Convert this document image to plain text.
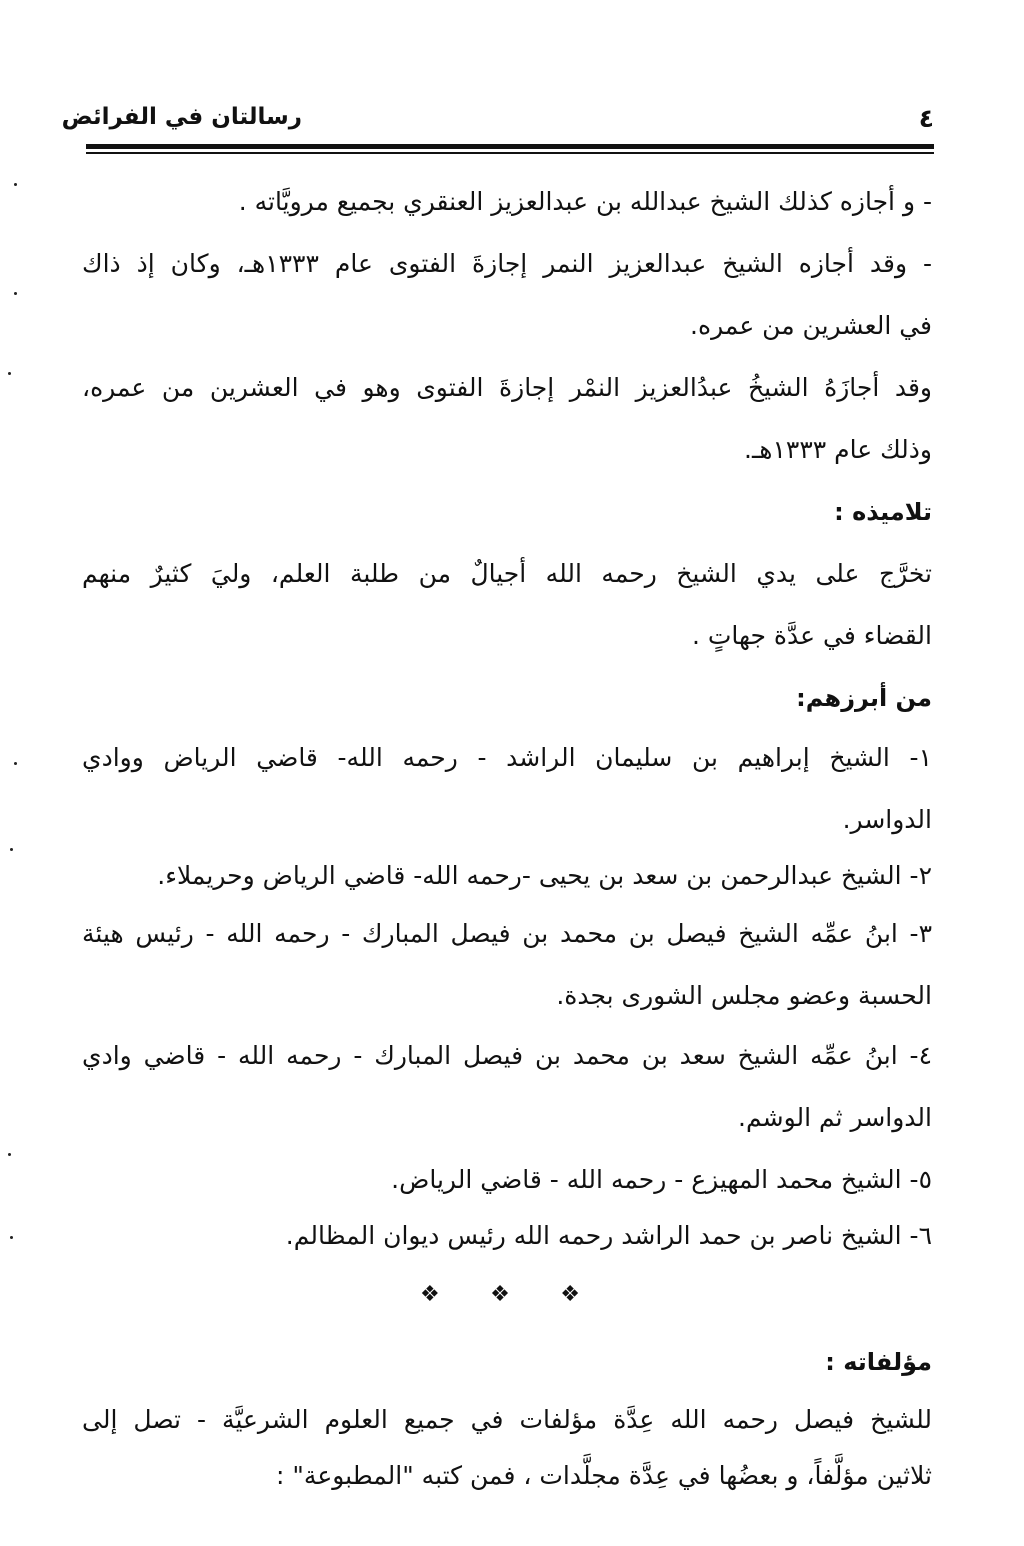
٤
رسالتان في الفرائض
- و أجازه كذلك الشيخ عبدالله بن عبدالعزيز العنقري بجميع مرويَّاته .
- وقد أجازه الشيخ عبدالعزيز النمر إجازةَ الفتوى عام ١٣٣٣هـ، وكان إذ ذاك
في العشرين من عمره.
وقد أجازَهُ الشيخُ عبدُالعزيز النمْر إجازةَ الفتوى وهو في العشرين من عمره،
وذلك عام ١٣٣٣هـ.
تلاميذه :
تخرَّج على يدي الشيخ رحمه الله أجيالٌ من طلبة العلم، وليَ كثيرٌ منهم
القضاء في عدَّة جهاتٍ .
من أبرزهم:
١- الشيخ إبراهيم بن سليمان الراشد - رحمه الله- قاضي الرياض ووادي
الدواسر.
٢- الشيخ عبدالرحمن بن سعد بن يحيى -رحمه الله- قاضي الرياض وحريملاء.
٣- ابنُ عمِّه الشيخ فيصل بن محمد بن فيصل المبارك - رحمه الله - رئيس هيئة
الحسبة وعضو مجلس الشورى بجدة.
٤- ابنُ عمِّه الشيخ سعد بن محمد بن فيصل المبارك - رحمه الله - قاضي وادي
الدواسر ثم الوشم.
٥- الشيخ محمد المهيزع - رحمه الله - قاضي الرياض.
٦- الشيخ ناصر بن حمد الراشد رحمه الله رئيس ديوان المظالم.
❖ ❖ ❖
مؤلفاته :
للشيخ فيصل رحمه الله عِدَّة مؤلفات في جميع العلوم الشرعيَّة - تصل إلى
ثلاثين مؤلَّفاً، و بعضُها في عِدَّة مجلَّدات ، فمن كتبه "المطبوعة" :
